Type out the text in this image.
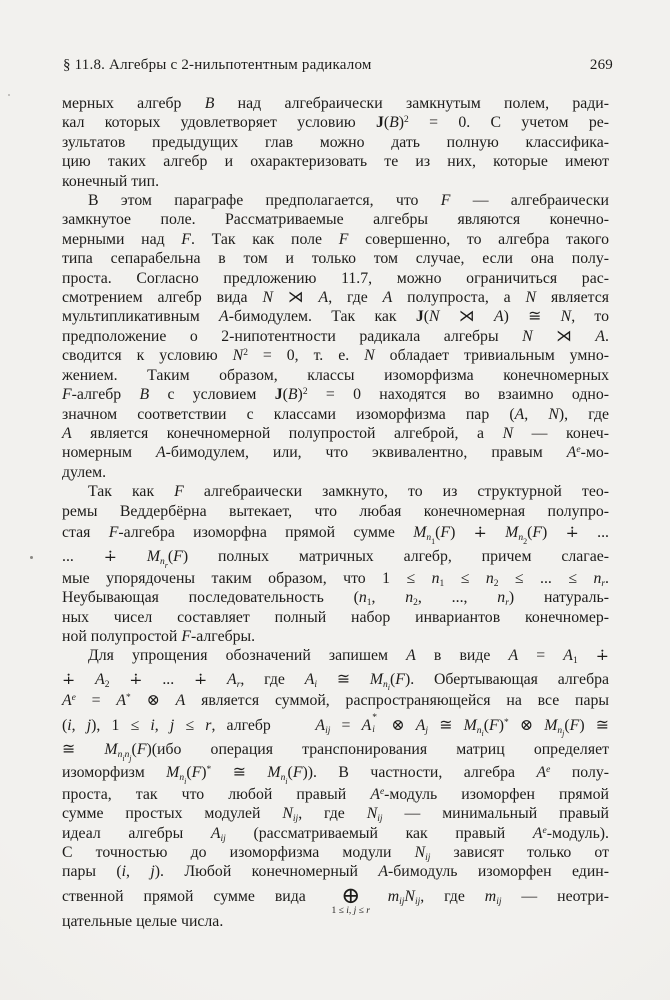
§ 11.8. Алгебры с 2-нильпотентным радикалом	269
мерных алгебр B над алгебраически замкнутым полем, ради-
кал которых удовлетворяет условию $J(B)^2 = 0$. С учетом ре-
зультатов предыдущих глав можно дать полную классифика-
цию таких алгебр и охарактеризовать те из них, которые имеют
конечный тип.
В этом параграфе предполагается, что F — алгебраически
замкнутое поле. Рассматриваемые алгебры являются конечно-
мерными над F. Так как поле F совершенно, то алгебра такого
типа сепарабельна в том и только том случае, если она полу-
проста. Согласно предложению 11.7, можно ограничиться рас-
смотрением алгебр вида N ⋊ A, где A полупроста, а N является
мультипликативным A-бимодулем. Так как J(N ⋊ A) ≅ N, то
предположение о 2-нипотентности радикала алгебры N ⋊ A.
сводится к условию $N^2 = 0$, т. е. N обладает тривиальным умно-
жением. Таким образом, классы изоморфизма конечномерных
F-алгебр B с условием $J(B)^2 = 0$ находятся во взаимно одно-
значном соответствии с классами изоморфизма пар (A, N), где
A является конечномерной полупростой алгеброй, а N — конеч-
номерным A-бимодулем, или, что эквивалентно, правым $A^e-мо-$
дулем.
Так как F алгебраически замкнуто, то из структурной тео-
ремы Веддербёрна вытекает, что любая конечномерная полупро-
стая F-алгебра изоморфна прямой сумме $M_{n_1}(F)$ ∔ $M_{n_2}(F)$ ∔ ...
... ∔ $M_{n_r}(F)$ полных матричных алгебр, причем слагае-
мые упорядочены таким образом, что $1 \le n_1 \le n_2$ ≤ ... ≤ $n_r$.
Неубывающая последовательность ($n_1$, $n_2$, ..., $n_r$) натураль-
ных чисел составляет полный набор инвариантов конечномер-
ной полупростой F-алгебры.
Для упрощения обозначений запишем A в виде $A = A_1$ ∔
∔ $A_2$ ∔ ... ∔ $A_r$, где $A_i$ ≅ $M_{n_i}(F)$. Обертывающая алгебра
$A^e = A^*$ ⊗ A является суммой, распространяющейся на все пары
(i, j), 1 ≤ i, j ≤ r, алгебр    $A_{ij} = A$ *
i ⊗ $A_j$ ≅ $M_{n_i}(F)^*$ ⊗ $M_{n_j}(F)$ ≅
≅ $M_{n_in_j}(F)(ибо$ операция транспонирования матриц определяет
изоморфизм $M_{n_i}(F)^*$ ≅ $M_{n_i}(F)$). В частности, алгебра $A^e$ полу-
проста, так что любой правый $A^e$-модуль изоморфен прямой
сумме простых модулей $N_{ij}$, где $N_{ij}$ — минимальный правый
идеал алгебры $A_{ij}$ (рассматриваемый как правый $A^e-модуль$).
С точностью до изоморфизма модули $N_{ij}$ зависят только от
пары (i, j). Любой конечномерный A-бимодуль изоморфен един-
ственной прямой сумме вида ⊕
1 ≤ i, j ≤ r
$m_{ij}N_{ij}$, где $m_{ij}$ — неотри-
цательные целые числа.
